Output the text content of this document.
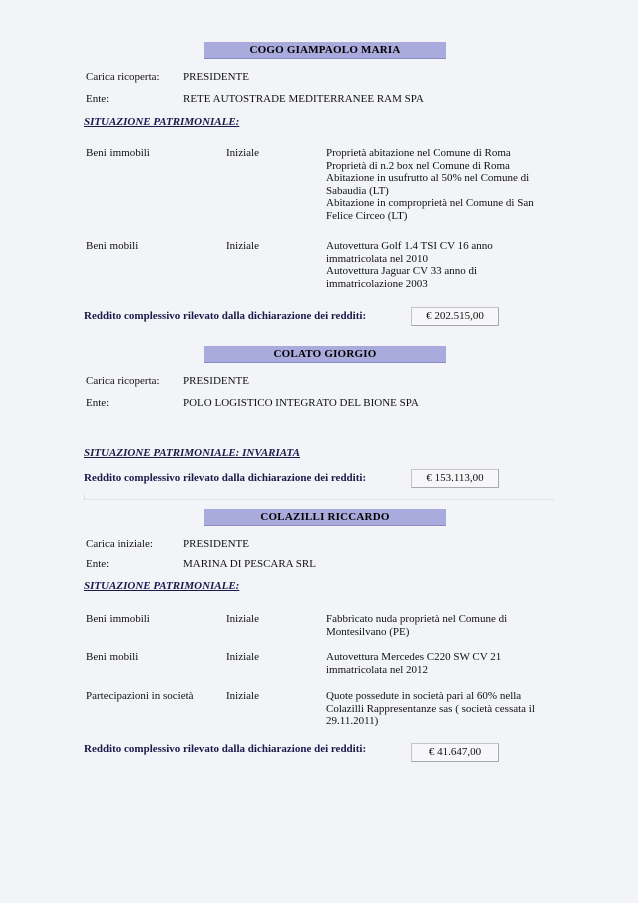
COGO GIAMPAOLO MARIA
Carica ricoperta: PRESIDENTE
Ente:	RETE AUTOSTRADE MEDITERRANEE RAM SPA
SITUAZIONE PATRIMONIALE:
Beni immobili	Iniziale	Proprietà abitazione nel Comune di Roma
Proprietà di n.2 box nel Comune di Roma
Abitazione in usufrutto al 50% nel Comune di
Sabaudia (LT)
Abitazione in comproprietà nel Comune di San
Felice Circeo (LT)
Beni mobili	Iniziale	Autovettura Golf 1.4 TSI CV 16 anno
immatricolata nel 2010
Autovettura Jaguar CV 33 anno di
immatricolazione 2003
Reddito complessivo rilevato dalla dichiarazione dei redditi:	€ 202.515,00
COLATO GIORGIO
Carica ricoperta: PRESIDENTE
Ente:	POLO LOGISTICO INTEGRATO DEL BIONE SPA
SITUAZIONE PATRIMONIALE: INVARIATA
Reddito complessivo rilevato dalla dichiarazione dei redditi:	€ 153.113,00
COLAZILLI RICCARDO
Carica iniziale:	PRESIDENTE
Ente:	MARINA DI PESCARA SRL
SITUAZIONE PATRIMONIALE:
Beni immobili	Iniziale	Fabbricato nuda proprietà nel Comune di
Montesilvano (PE)
Beni mobili	Iniziale	Autovettura Mercedes C220 SW CV 21
immatricolata nel 2012
Partecipazioni in società	Iniziale	Quote possedute in società pari al 60% nella
Colazilli Rappresentanze sas ( società cessata il
29.11.2011)
Reddito complessivo rilevato dalla dichiarazione dei redditi:	€ 41.647,00
